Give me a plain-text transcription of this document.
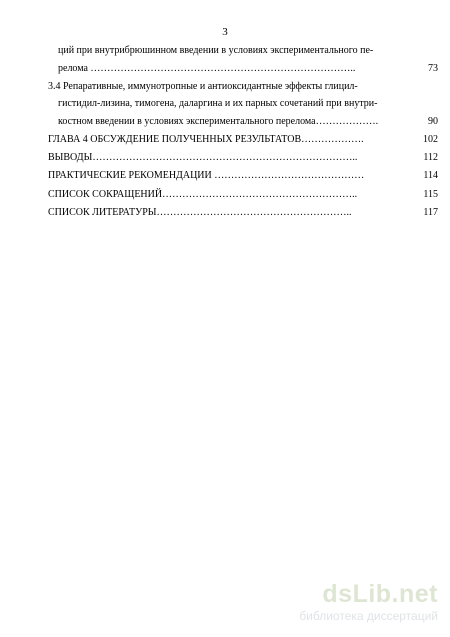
3
ций при внутрибрюшинном введении в условиях экспериментального пе-
релома ……………………………………………………………………..	73
3.4 Репаративные, иммунотропные и антиоксидантные эффекты глицил-
гистидил-лизина, тимогена, даларгина и их парных сочетаний при внутри-
костном введении в условиях экспериментального перелома……………….	90
ГЛАВА 4 ОБСУЖДЕНИЕ ПОЛУЧЕННЫХ РЕЗУЛЬТАТОВ……………….	102
ВЫВОДЫ……………………………………………………………………..	112
ПРАКТИЧЕСКИЕ РЕКОМЕНДАЦИИ ………………………………………	114
СПИСОК СОКРАЩЕНИЙ…………………………………………………..	115
СПИСОК ЛИТЕРАТУРЫ…………………………………………………..	117
dsLib.net
библиотека диссертаций
